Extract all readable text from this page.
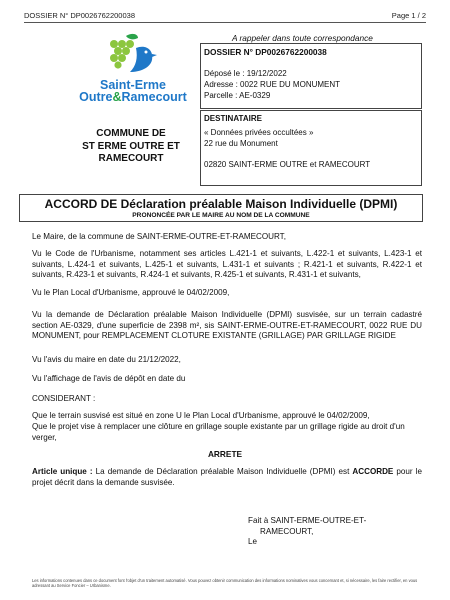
DOSSIER N° DP0026762200038	Page 1 / 2
Saint-Erme
Outre&Ramecourt
COMMUNE DE
ST ERME OUTRE ET
RAMECOURT
A rappeler dans toute correspondance
DOSSIER N° DP0026762200038
Déposé le : 19/12/2022
Adresse : 0022 RUE DU MONUMENT
Parcelle : AE-0329
DESTINATAIRE
« Données privées occultées »
22 rue du Monument
02820 SAINT-ERME OUTRE et RAMECOURT
ACCORD DE Déclaration préalable Maison Individuelle (DPMI)
PRONONCÉE PAR LE MAIRE AU NOM DE LA COMMUNE
Le Maire, de la commune de SAINT-ERME-OUTRE-ET-RAMECOURT,
Vu le Code de l'Urbanisme, notamment ses articles L.421-1 et suivants, L.422-1 et suivants, L.423-1 et suivants, L.424-1 et suivants, L.425-1 et suivants, L.431-1 et suivants ; R.421-1 et suivants, R.422-1 et suivants, R.423-1 et suivants, R.424-1 et suivants, R.425-1 et suivants, R.431-1 et suivants,
Vu le Plan Local d'Urbanisme, approuvé le 04/02/2009,
Vu la demande de Déclaration préalable Maison Individuelle (DPMI) susvisée, sur un terrain cadastré section AE-0329, d'une superficie de 2398 m², sis SAINT-ERME-OUTRE-ET-RAMECOURT, 0022 RUE DU MONUMENT, pour REMPLACEMENT CLOTURE EXISTANTE (GRILLAGE) PAR GRILLAGE RIGIDE
Vu l'avis du maire en date du 21/12/2022,
Vu l'affichage de l'avis de dépôt en date du
CONSIDERANT :
Que le terrain susvisé est situé en zone U le Plan Local d'Urbanisme, approuvé le 04/02/2009,
Que le projet vise à remplacer une clôture en grillage souple existante par un grillage rigide au droit d'un verger,
ARRETE
Article unique : La demande de Déclaration préalable Maison Individuelle (DPMI) est ACCORDE pour le projet décrit dans la demande susvisée.
Fait à SAINT-ERME-OUTRE-ET-
RAMECOURT,
Le
Les informations contenues dans ce document font l'objet d'un traitement automatisé. Vous pouvez obtenir communication des informations nominatives vous concernant et, si nécessaire, les faire rectifier, en vous adressant au Service Foncier – Urbanisme.
